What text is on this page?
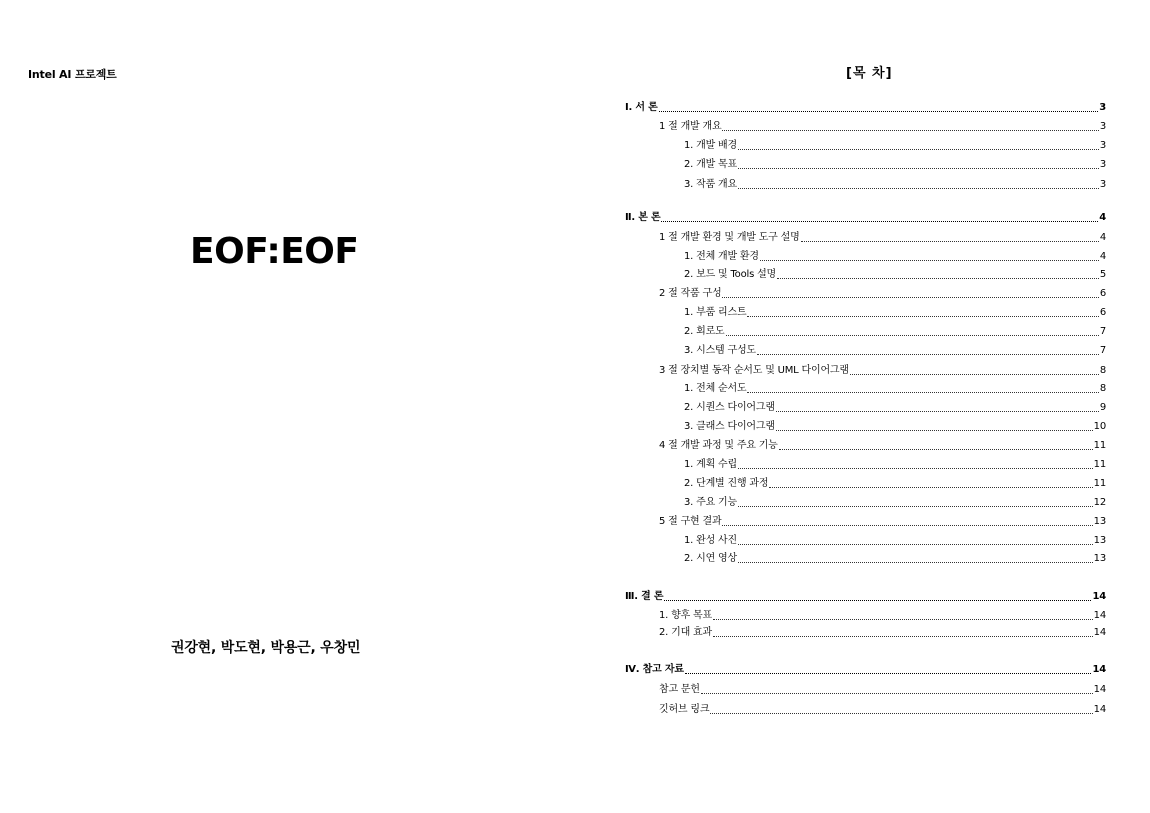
Intel AI 프로젝트
EOF:EOF
권강현, 박도현, 박용근, 우창민
[목 차]
Ⅰ. 서 론	3
1 절 개발 개요	3
1. 개발 배경	3
2. 개발 목표	3
3. 작품 개요	3
Ⅱ. 본 론	4
1 절 개발 환경 및 개발 도구 설명	4
1. 전체 개발 환경	4
2. 보드 및 Tools 설명	5
2 절 작품 구성	6
1. 부품 리스트	6
2. 회로도	7
3. 시스템 구성도	7
3 절 장치별 동작 순서도 및 UML 다이어그램	8
1. 전체 순서도	8
2. 시퀀스 다이어그램	9
3. 클래스 다이어그램	10
4 절 개발 과정 및 주요 기능	11
1. 계획 수립	11
2. 단계별 진행 과정	11
3. 주요 기능	12
5 절 구현 결과	13
1. 완성 사진	13
2. 시연 영상	13
Ⅲ. 결 론	14
1. 향후 목표	14
2. 기대 효과	14
Ⅳ. 참고 자료	14
참고 문헌	14
깃허브 링크	14
